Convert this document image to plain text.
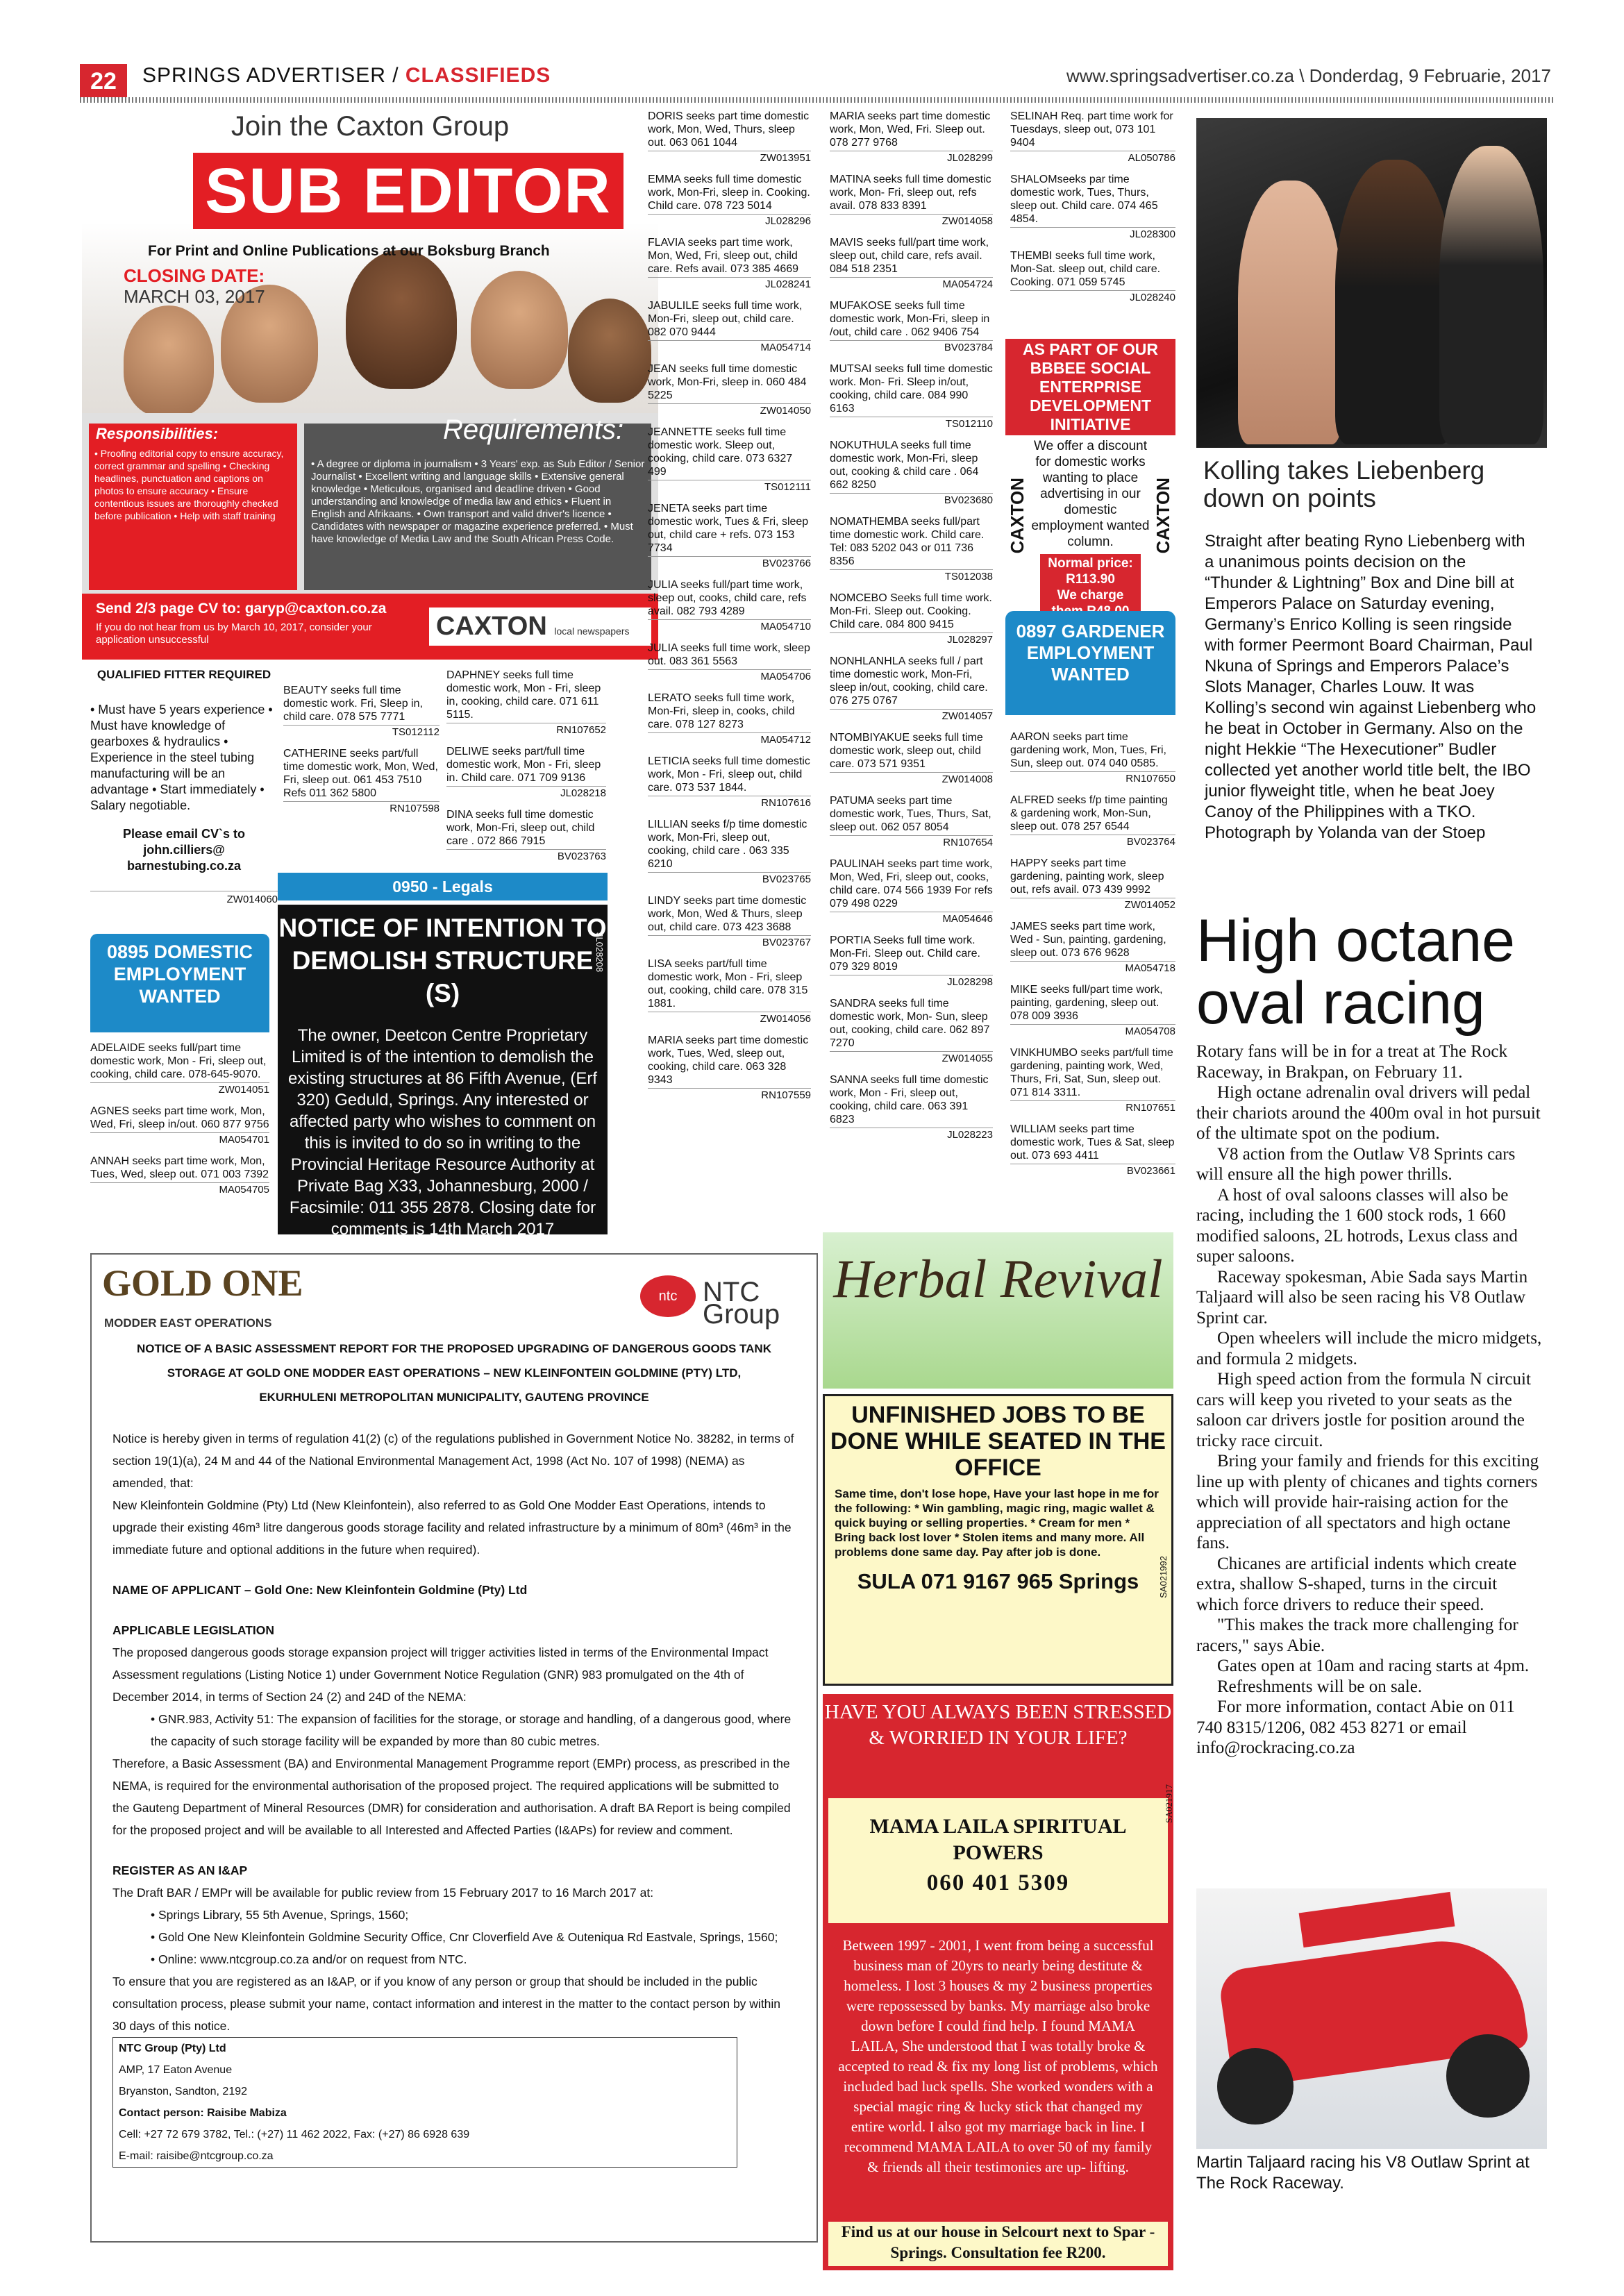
22	SPRINGS ADVERTISER / CLASSIFIEDS	www.springsadvertiser.co.za \ Donderdag, 9 Februarie, 2017
Join the Caxton Group
SUB EDITOR
For Print and Online Publications at our Boksburg Branch
CLOSING DATE:
MARCH 03, 2017
Responsibilities:
• Proofing editorial copy to ensure accuracy, correct grammar and spelling • Checking headlines, punctuation and captions on photos to ensure accuracy • Ensure contentious issues are thoroughly checked before publication • Help with staff training
Requirements:
• A degree or diploma in journalism • 3 Years' exp. as Sub Editor / Senior Journalist • Excellent writing and language skills • Extensive general knowledge • Meticulous, organised and deadline driven • Good understanding and knowledge of media law and ethics • Fluent in English and Afrikaans. • Own transport and valid driver's licence • Candidates with newspaper or magazine experience preferred. • Must have knowledge of Media Law and the South African Press Code.
Send 2/3 page CV to: garyp@caxton.co.za
If you do not hear from us by March 10, 2017, consider your application unsuccessful	CAXTON local newspapers
QUALIFIED FITTER REQUIRED
• Must have 5 years experience • Must have knowledge of gearboxes & hydraulics • Experience in the steel tubing manufacturing will be an advantage • Start immediately • Salary negotiable.
Please email CV`s to john.cilliers@ barnestubing.co.za
ZW014060
0895 DOMESTIC EMPLOYMENT WANTED
ADELAIDE seeks full/part time domestic work, Mon - Fri, sleep out, cooking, child care. 078-645-9070.
ZW014051
AGNES seeks part time work, Mon, Wed, Fri, sleep in/out. 060 877 9756
MA054701
ANNAH seeks part time work, Mon, Tues, Wed, sleep out. 071 003 7392
MA054705
BEAUTY seeks full time domestic work. Fri, Sleep in, child care. 078 575 7771
TS012112
CATHERINE seeks part/full time domestic work, Mon, Wed, Fri, sleep out. 061 453 7510 Refs 011 362 5800
RN107598
DAPHNEY seeks full time domestic work, Mon - Fri, sleep in, cooking, child care. 071 611 5115.
RN107652
DELIWE seeks part/full time domestic work, Mon - Fri, sleep in. Child care. 071 709 9136
JL028218
DINA seeks full time domestic work, Mon-Fri, sleep out, child care . 072 866 7915
BV023763
0950 - Legals
NOTICE OF INTENTION TO DEMOLISH STRUCTURE (S)

The owner, Deetcon Centre Proprietary Limited is of the intention to demolish the existing structures at 86 Fifth Avenue, (Erf 320) Geduld, Springs. Any interested or affected party who wishes to comment on this is invited to do so in writing to the Provincial Heritage Resource Authority at Private Bag X33, Johannesburg, 2000 / Facsimile: 011 355 2878. Closing date for comments is 14th March 2017

JL028208
DORIS seeks part time domestic work, Mon, Wed, Thurs, sleep out. 063 061 1044
ZW013951
EMMA seeks full time domestic work, Mon-Fri, sleep in. Cooking. Child care. 078 723 5014
JL028296
FLAVIA seeks part time work, Mon, Wed, Fri, sleep out, child care. Refs avail. 073 385 4669
JL028241
JABULILE seeks full time work, Mon-Fri, sleep out, child care. 082 070 9444
MA054714
JEAN seeks full time domestic work, Mon-Fri, sleep in. 060 484 5225
ZW014050
JEANNETTE seeks full time domestic work. Sleep out, cooking, child care. 073 6327 499
TS012111
JENETA seeks part time domestic work, Tues & Fri, sleep out, child care + refs. 073 153 7734
BV023766
JULIA seeks full/part time work, sleep out, cooks, child care, refs avail. 082 793 4289
MA054710
JULIA seeks full time work, sleep out. 083 361 5563
MA054706
LERATO seeks full time work, Mon-Fri, sleep in, cooks, child care. 078 127 8273
MA054712
LETICIA seeks full time domestic work, Mon - Fri, sleep out, child care. 073 537 1844.
RN107616
LILLIAN seeks f/p time domestic work, Mon-Fri, sleep out, cooking, child care . 063 335 6210
BV023765
LINDY seeks part time domestic work, Mon, Wed & Thurs, sleep out, child care. 073 423 3688
BV023767
LISA seeks part/full time domestic work, Mon - Fri, sleep out, cooking, child care. 078 315 1881.
ZW014056
MARIA seeks part time domestic work, Tues, Wed, sleep out, cooking, child care. 063 328 9343
RN107559
MARIA seeks part time domestic work, Mon, Wed, Fri. Sleep out. 078 277 9768
JL028299
MATINA seeks full time domestic work, Mon- Fri, sleep out, refs avail. 078 833 8391
ZW014058
MAVIS seeks full/part time work, sleep out, child care, refs avail. 084 518 2351
MA054724
MUFAKOSE seeks full time domestic work, Mon-Fri, sleep in /out, child care . 062 9406 754
BV023784
MUTSAI seeks full time domestic work. Mon- Fri. Sleep in/out, cooking, child care. 084 990 6163
TS012110
NOKUTHULA seeks full time domestic work, Mon-Fri, sleep out, cooking & child care . 064 662 8250
BV023680
NOMATHEMBA seeks full/part time domestic work. Child care. Tel: 083 5202 043 or 011 736 8356
TS012038
NOMCEBO Seeks full time work. Mon-Fri. Sleep out. Cooking. Child care. 084 800 9415
JL028297
NONHLANHLA seeks full / part time domestic work, Mon-Fri, sleep in/out, cooking, child care. 076 275 0767
ZW014057
NTOMBIYAKUE seeks full time domestic work, sleep out, child care. 073 571 9351
ZW014008
PATUMA seeks part time domestic work, Tues, Thurs, Sat, sleep out. 062 057 8054
RN107654
PAULINAH seeks part time work, Mon, Wed, Fri, sleep out, cooks, child care. 074 566 1939 For refs 079 498 0229
MA054646
PORTIA Seeks full time work. Mon-Fri. Sleep out. Child care. 079 329 8019
JL028298
SANDRA seeks full time domestic work, Mon- Sun, sleep out, cooking, child care. 062 897 7270
ZW014055
SANNA seeks full time domestic work, Mon - Fri, sleep out, cooking, child care. 063 391 6823
JL028223
SELINAH Req. part time work for Tuesdays, sleep out, 073 101 9404
AL050786
SHALOMseeks par time domestic work, Tues, Thurs, sleep out. Child care. 074 465 4854.
JL028300
THEMBI seeks full time work, Mon-Sat. sleep out, child care. Cooking. 071 059 5745
JL028240
AS PART OF OUR BBBEE SOCIAL ENTERPRISE DEVELOPMENT INITIATIVE
We offer a discount for domestic works wanting to place advertising in our domestic employment wanted column.
Normal price: R113.90
We charge
CAXTON	CAXTON
0897 GARDENER EMPLOYMENT WANTED
AARON seeks part time gardening work, Mon, Tues, Fri, Sun, sleep out. 074 040 0585.
RN107650
ALFRED seeks f/p time painting & gardening work, Mon-Sun, sleep out. 078 257 6544
BV023764
HAPPY seeks part time gardening, painting work, sleep out, refs avail. 073 439 9992
ZW014052
JAMES seeks part time work, Wed - Sun, painting, gardening, sleep out. 073 676 9628
MA054718
MIKE seeks full/part time work, painting, gardening, sleep out. 078 009 3936
MA054708
VINKHUMBO seeks part/full time gardening, painting work, Wed, Thurs, Fri, Sat, Sun, sleep out. 071 814 3311.
RN107651
WILLIAM seeks part time domestic work, Tues & Sat, sleep out. 073 693 4411
BV023661
GOLD ONE
MODDER EAST OPERATIONS
ntc NTC Group
NOTICE OF A BASIC ASSESSMENT REPORT FOR THE PROPOSED UPGRADING OF DANGEROUS GOODS TANK STORAGE AT GOLD ONE MODDER EAST OPERATIONS – NEW KLEINFONTEIN GOLDMINE (PTY) LTD, EKURHULENI METROPOLITAN MUNICIPALITY, GAUTENG PROVINCE

Notice is hereby given in terms of regulation 41(2) (c) of the regulations published in Government Notice No. 38282, in terms of section 19(1)(a), 24 M and 44 of the National Environmental Management Act, 1998 (Act No. 107 of 1998) (NEMA) as amended, that:

New Kleinfontein Goldmine (Pty) Ltd (New Kleinfontein), also referred to as Gold One Modder East Operations, intends to upgrade their existing 46m³ litre dangerous goods storage facility and related infrastructure by a minimum of 80m³ (46m³ in the immediate future and optional additions in the future when required).

NAME OF APPLICANT – Gold One: New Kleinfontein Goldmine (Pty) Ltd

APPLICABLE LEGISLATION

The proposed dangerous goods storage expansion project will trigger activities listed in terms of the Environmental Impact Assessment regulations (Listing Notice 1) under Government Notice Regulation (GNR) 983 promulgated on the 4th of December 2014, in terms of Section 24 (2) and 24D of the NEMA:

• GNR.983, Activity 51: The expansion of facilities for the storage, or storage and handling, of a dangerous good, where the capacity of such storage facility will be expanded by more than 80 cubic metres.

Therefore, a Basic Assessment (BA) and Environmental Management Programme report (EMPr) process, as prescribed in the NEMA, is required for the environmental authorisation of the proposed project. The required applications will be submitted to the Gauteng Department of Mineral Resources (DMR) for consideration and authorisation. A draft BA Report is being compiled for the proposed project and will be available to all Interested and Affected Parties (I&APs) for review and comment.

REGISTER AS AN I&AP

The Draft BAR / EMPr will be available for public review from 15 February 2017 to 16 March 2017 at:

• Springs Library, 55 5th Avenue, Springs, 1560;

• Gold One New Kleinfontein Goldmine Security Office, Cnr Cloverfield Ave & Outeniqua Rd Eastvale, Springs, 1560;

• Online: www.ntcgroup.co.za and/or on request from NTC.

To ensure that you are registered as an I&AP, or if you know of any person or group that should be included in the public consultation process, please submit your name, contact information and interest in the matter to the contact person by within 30 days of this notice.

NTC Group (Pty) Ltd
AMP, 17 Eaton Avenue
Bryanston, Sandton, 2192
Contact person: Raisibe Mabiza
Cell: +27 72 679 3782, Tel.: (+27) 11 462 2022, Fax: (+27) 86 6928 639
E-mail: raisibe@ntcgroup.co.za
Herbal Revival
UNFINISHED JOBS TO BE DONE WHILE SEATED IN THE OFFICE
Same time, don't lose hope, Have your last hope in me for the following: * Win gambling, magic ring, magic wallet & quick buying or selling properties. * Cream for men * Bring back lost lover * Stolen items and many more. All problems done same day. Pay after job is done.
SULA 071 9167 965 Springs	SA021992
HAVE YOU ALWAYS BEEN STRESSED & WORRIED IN YOUR LIFE?
MAMA LAILA SPIRITUAL POWERS
060 401 5309

Between 1997 - 2001, I went from being a successful business man of 20yrs to nearly being destitute & homeless. I lost 3 houses & my 2 business properties were repossessed by banks. My marriage also broke down before I could find help. I found MAMA LAILA, She understood that I was totally broke & accepted to read & fix my long list of problems, which included bad luck spells. She worked wonders with a special magic ring & lucky stick that changed my entire world. I also got my marriage back in line. I recommend MAMA LAILA to over 50 of my family & friends all their testimonies are up- lifting.

Find us at our house in Selcourt next to Spar - Springs. Consultation fee R200.
SA021917
Kolling takes Liebenberg down on points
Straight after beating Ryno Liebenberg with a unanimous points decision on the “Thunder & Lightning” Box and Dine bill at Emperors Palace on Saturday evening, Germany’s Enrico Kolling is seen ringside with former Peermont Board Chairman, Paul Nkuna of Springs and Emperors Palace’s Slots Manager, Charles Louw. It was Kolling’s second win against Liebenberg who he beat in October in Germany. Also on the night Hekkie “The Hexecutioner” Budler collected yet another world title belt, the IBO junior flyweight title, when he beat Joey Canoy of the Philippines with a TKO.
Photograph by Yolanda van der Stoep
High octane oval racing

Rotary fans will be in for a treat at The Rock Raceway, in Brakpan, on February 11.

High octane adrenalin oval drivers will pedal their chariots around the 400m oval in hot pursuit of the ultimate spot on the podium.

V8 action from the Outlaw V8 Sprints cars will ensure all the high power thrills.

A host of oval saloons classes will also be racing, including the 1 600 stock rods, 1 660 modified saloons, 2L hotrods, Lexus class and super saloons.

Raceway spokesman, Abie Sada says Martin Taljaard will also be seen racing his V8 Outlaw Sprint car.

Open wheelers will include the micro midgets, and formula 2 midgets.

High speed action from the formula N circuit cars will keep you riveted to your seats as the saloon car drivers jostle for position around the tricky race circuit.

Bring your family and friends for this exciting line up with plenty of chicanes and tights corners which will provide hair-raising action for the appreciation of all spectators and high octane fans.

Chicanes are artificial indents which create extra, shallow S-shaped, turns in the circuit which force drivers to reduce their speed.

"This makes the track more challenging for racers," says Abie.

Gates open at 10am and racing starts at 4pm.

Refreshments will be on sale.

For more information, contact Abie on 011 740 8315/1206, 082 453 8271 or email info@rockracing.co.za

Martin Taljaard racing his V8 Outlaw Sprint at The Rock Raceway.
